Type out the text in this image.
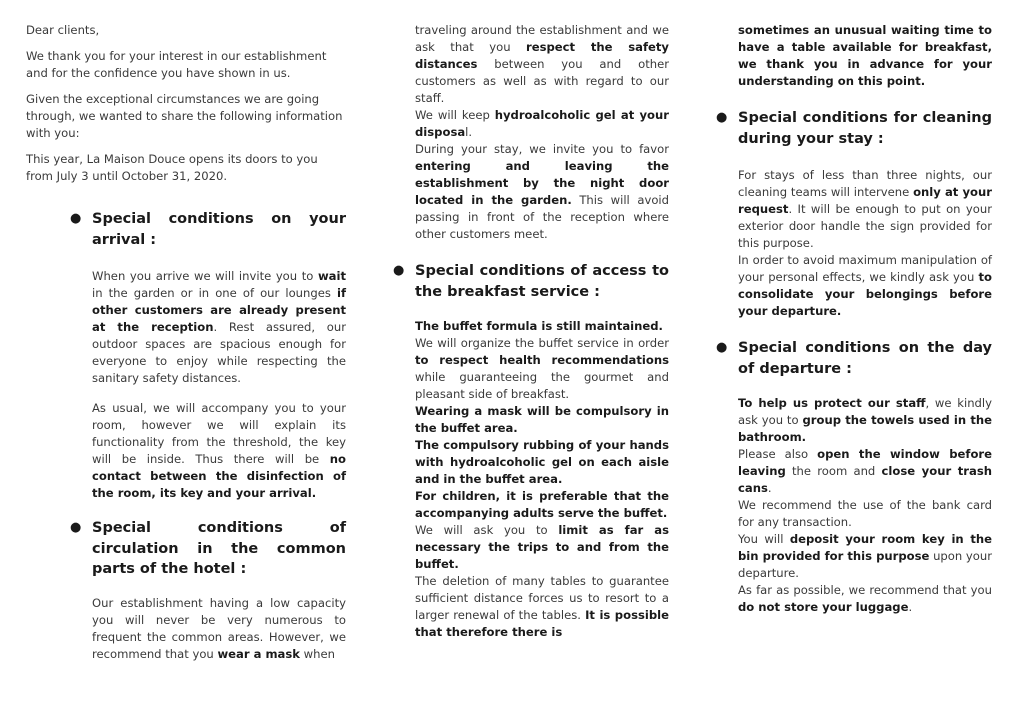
Dear clients,

We thank you for your interest in our establishment and for the confidence you have shown in us.

Given the exceptional circumstances we are going through, we wanted to share the following information with you:

This year, La Maison Douce opens its doors to you from July 3 until October 31, 2020.

● Special conditions on your arrival :

When you arrive we will invite you to wait in the garden or in one of our lounges if other customers are already present at the reception. Rest assured, our outdoor spaces are spacious enough for everyone to enjoy while respecting the sanitary safety distances.

As usual, we will accompany you to your room, however we will explain its functionality from the threshold, the key will be inside. Thus there will be no contact between the disinfection of the room, its key and your arrival.

● Special conditions of circulation in the common parts of the hotel :

Our establishment having a low capacity you will never be very numerous to frequent the common areas. However, we recommend that you wear a mask when

traveling around the establishment and we ask that you respect the safety distances between you and other customers as well as with regard to our staff.

We will keep hydroalcoholic gel at your disposal.

During your stay, we invite you to favor entering and leaving the establishment by the night door located in the garden. This will avoid passing in front of the reception where other customers meet.

● Special conditions of access to the breakfast service :

The buffet formula is still maintained.

We will organize the buffet service in order to respect health recommendations while guaranteeing the gourmet and pleasant side of breakfast.

Wearing a mask will be compulsory in the buffet area.

The compulsory rubbing of your hands with hydroalcoholic gel on each aisle and in the buffet area.

For children, it is preferable that the accompanying adults serve the buffet.

We will ask you to limit as far as necessary the trips to and from the buffet.

The deletion of many tables to guarantee sufficient distance forces us to resort to a larger renewal of the tables. It is possible that therefore there is

sometimes an unusual waiting time to have a table available for breakfast, we thank you in advance for your understanding on this point.

● Special conditions for cleaning during your stay :

For stays of less than three nights, our cleaning teams will intervene only at your request. It will be enough to put on your exterior door handle the sign provided for this purpose.

In order to avoid maximum manipulation of your personal effects, we kindly ask you to consolidate your belongings before your departure.

● Special conditions on the day of departure :

To help us protect our staff, we kindly ask you to group the towels used in the bathroom.

Please also open the window before leaving the room and close your trash cans.

We recommend the use of the bank card for any transaction.

You will deposit your room key in the bin provided for this purpose upon your departure.

As far as possible, we recommend that you do not store your luggage.
